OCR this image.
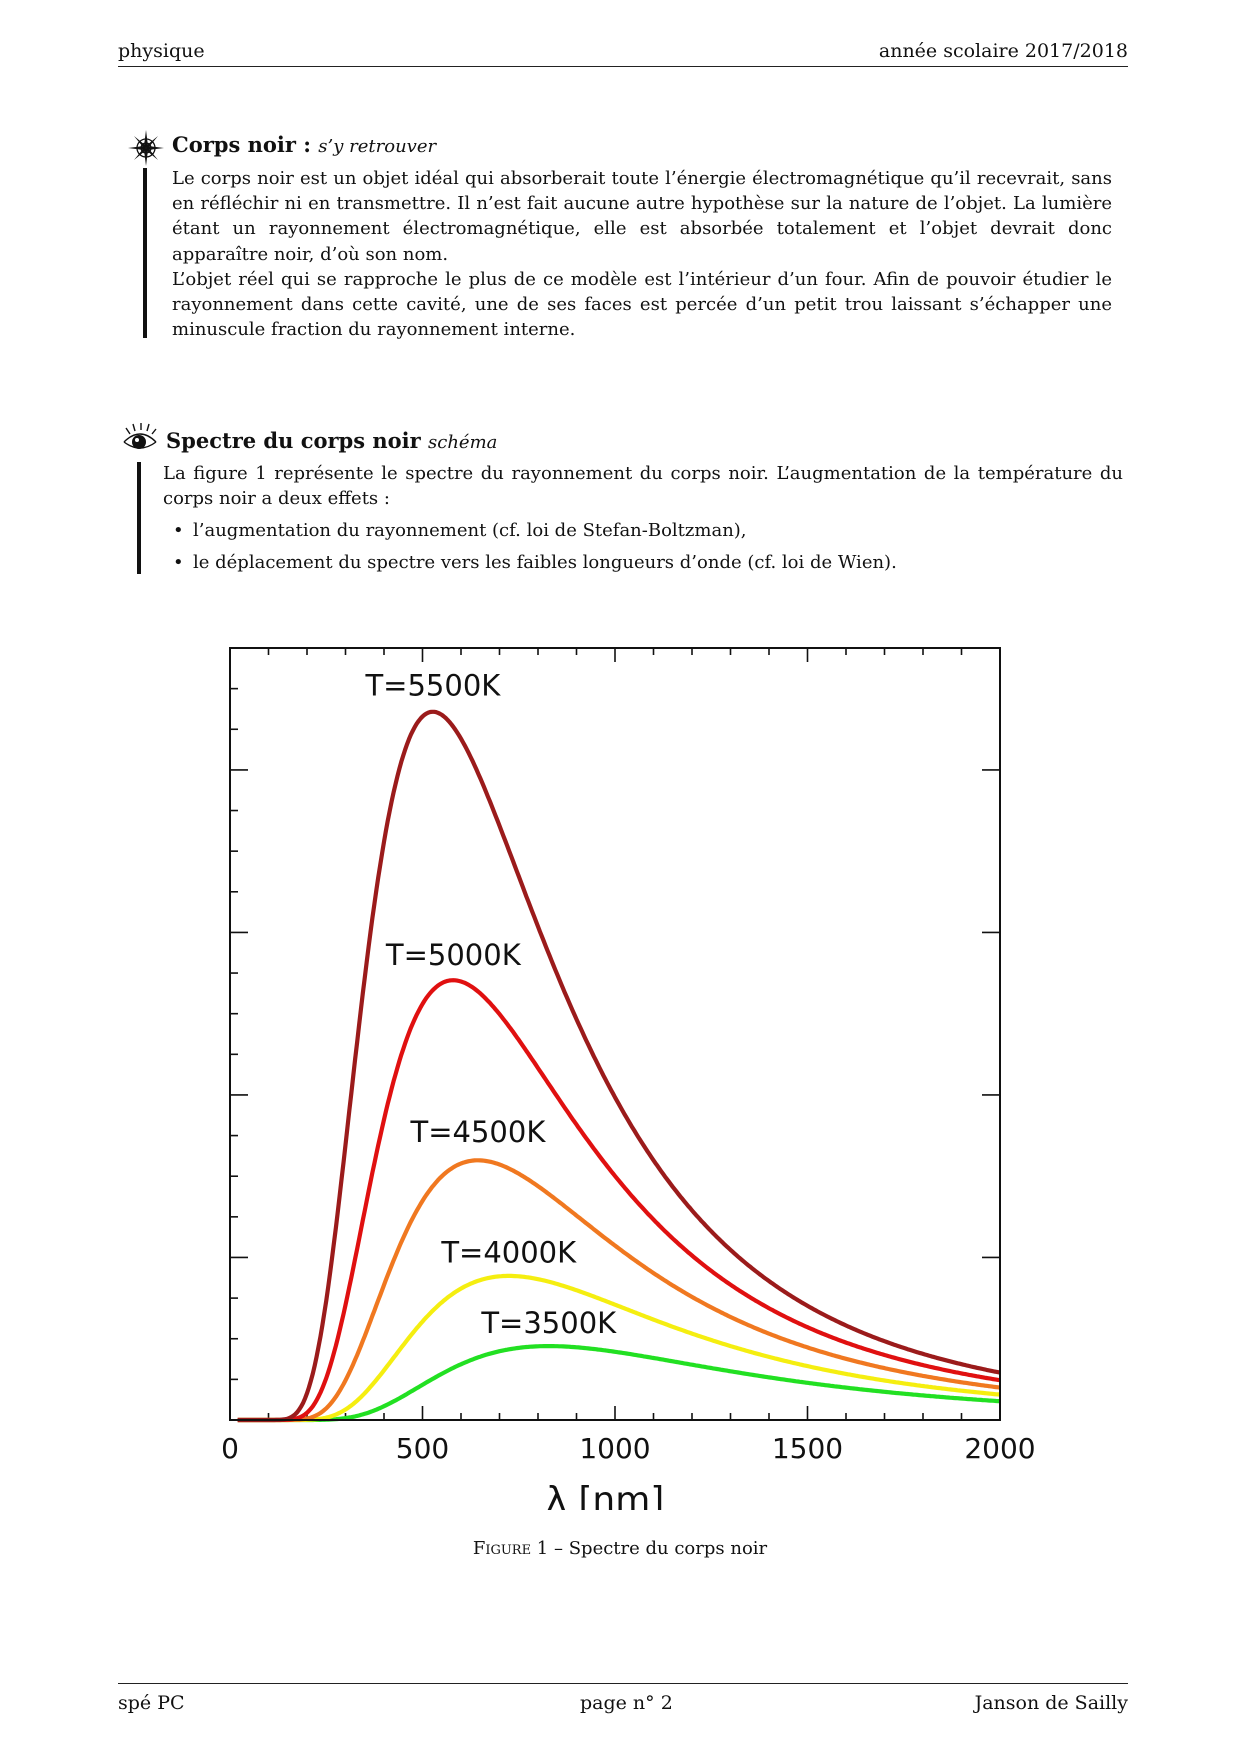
physique	année scolaire 2017/2018
Corps noir : s’y retrouver

Le corps noir est un objet idéal qui absorberait toute l’énergie électromagnétique qu’il recevrait, sans en réfléchir ni en transmettre. Il n’est fait aucune autre hypothèse sur la nature de l’objet. La lumière étant un rayonnement électromagnétique, elle est absorbée totalement et l’objet devrait donc apparaître noir, d’où son nom.

L’objet réel qui se rapproche le plus de ce modèle est l’intérieur d’un four. Afin de pouvoir étudier le rayonnement dans cette cavité, une de ses faces est percée d’un petit trou laissant s’échapper une minuscule fraction du rayonnement interne.

Spectre du corps noir schéma

La figure 1 représente le spectre du rayonnement du corps noir. L’augmentation de la température du corps noir a deux effets :

• l’augmentation du rayonnement (cf. loi de Stefan-Boltzman),
• le déplacement du spectre vers les faibles longueurs d’onde (cf. loi de Wien).
0	500	1000	1500	2000
T=3500K
T=4000K
T=4500K
T=5000K
T=5500K
λ [nm]
Figure 1 – Spectre du corps noir
spé PC	page n° 2	Janson de Sailly
